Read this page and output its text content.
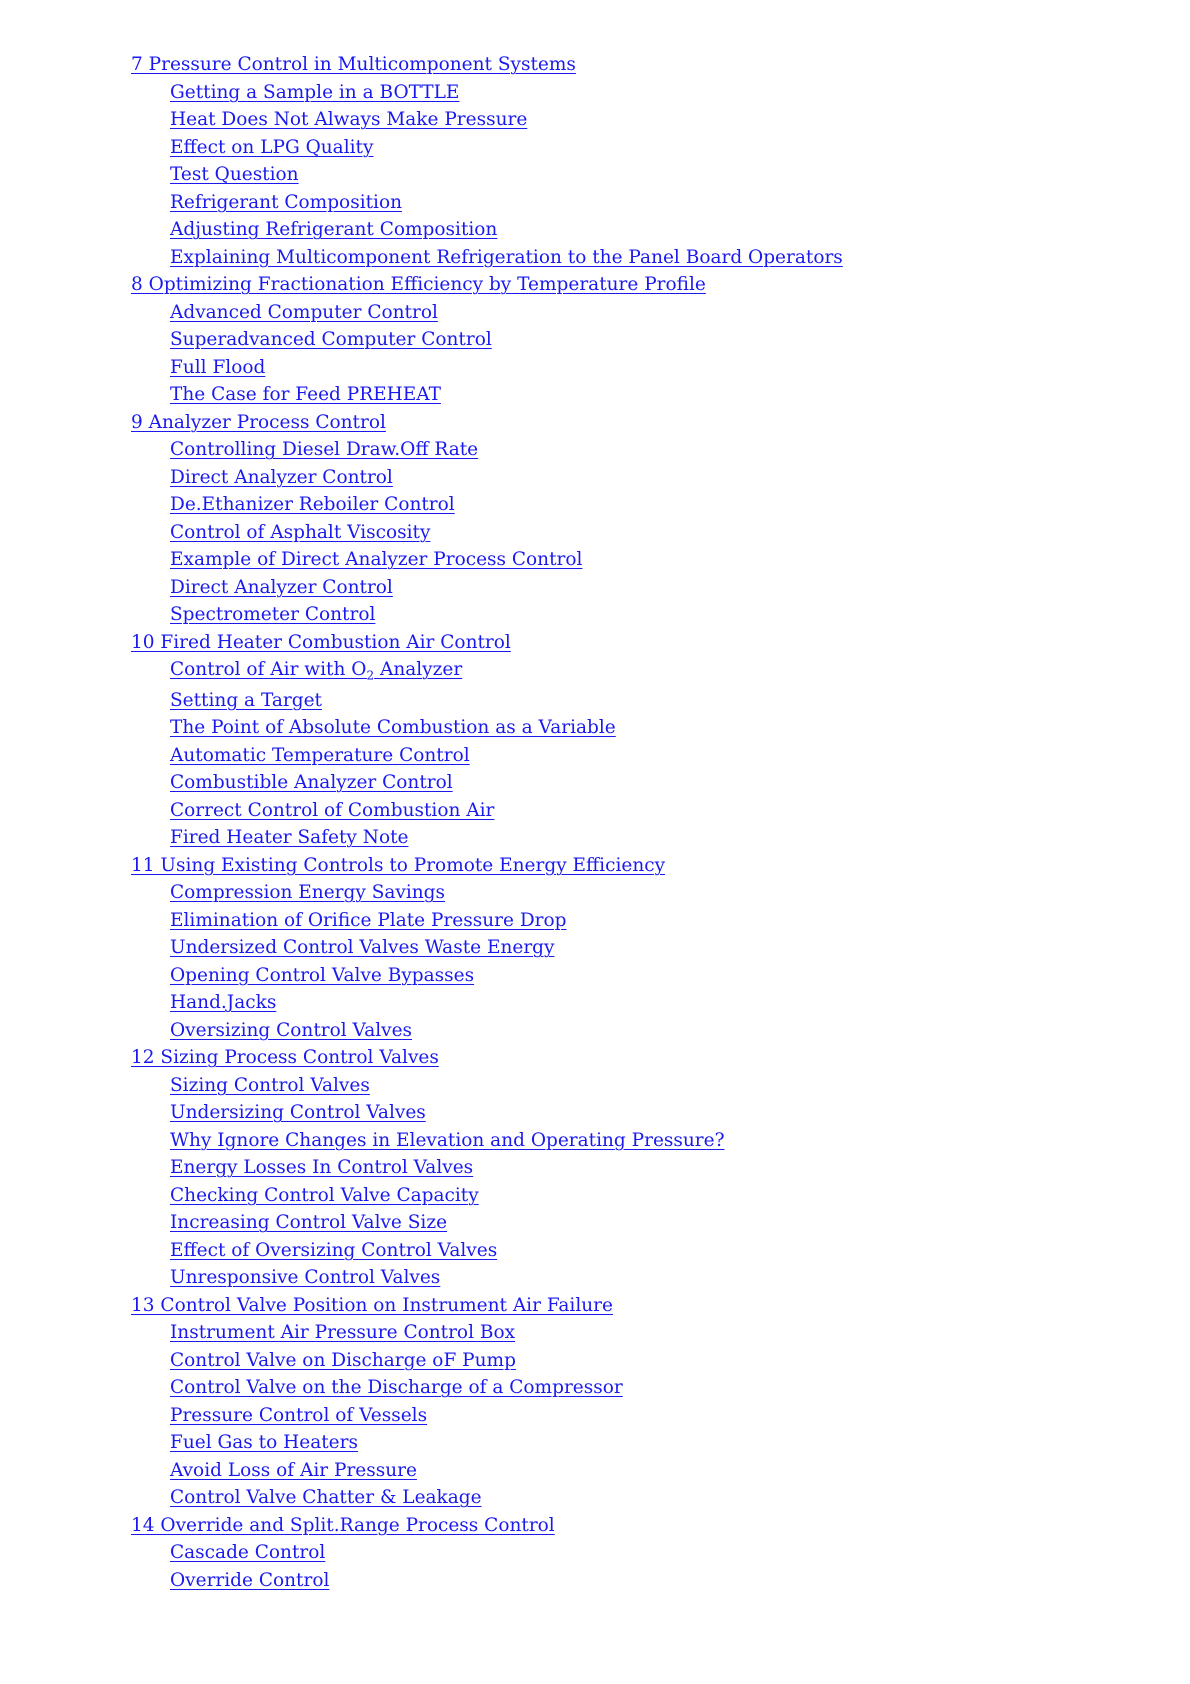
7 Pressure Control in Multicomponent Systems
Getting a Sample in a BOTTLE
Heat Does Not Always Make Pressure
Effect on LPG Quality
Test Question
Refrigerant Composition
Adjusting Refrigerant Composition
Explaining Multicomponent Refrigeration to the Panel Board Operators
8 Optimizing Fractionation Efficiency by Temperature Profile
Advanced Computer Control
Superadvanced Computer Control
Full Flood
The Case for Feed PREHEAT
9 Analyzer Process Control
Controlling Diesel Draw.Off Rate
Direct Analyzer Control
De.Ethanizer Reboiler Control
Control of Asphalt Viscosity
Example of Direct Analyzer Process Control
Direct Analyzer Control
Spectrometer Control
10 Fired Heater Combustion Air Control
Control of Air with $O_2$ Analyzer
Setting a Target
The Point of Absolute Combustion as a Variable
Automatic Temperature Control
Combustible Analyzer Control
Correct Control of Combustion Air
Fired Heater Safety Note
11 Using Existing Controls to Promote Energy Efficiency
Compression Energy Savings
Elimination of Orifice Plate Pressure Drop
Undersized Control Valves Waste Energy
Opening Control Valve Bypasses
Hand.Jacks
Oversizing Control Valves
12 Sizing Process Control Valves
Sizing Control Valves
Undersizing Control Valves
Why Ignore Changes in Elevation and Operating Pressure?
Energy Losses In Control Valves
Checking Control Valve Capacity
Increasing Control Valve Size
Effect of Oversizing Control Valves
Unresponsive Control Valves
13 Control Valve Position on Instrument Air Failure
Instrument Air Pressure Control Box
Control Valve on Discharge oF Pump
Control Valve on the Discharge of a Compressor
Pressure Control of Vessels
Fuel Gas to Heaters
Avoid Loss of Air Pressure
Control Valve Chatter & Leakage
14 Override and Split.Range Process Control
Cascade Control
Override Control
